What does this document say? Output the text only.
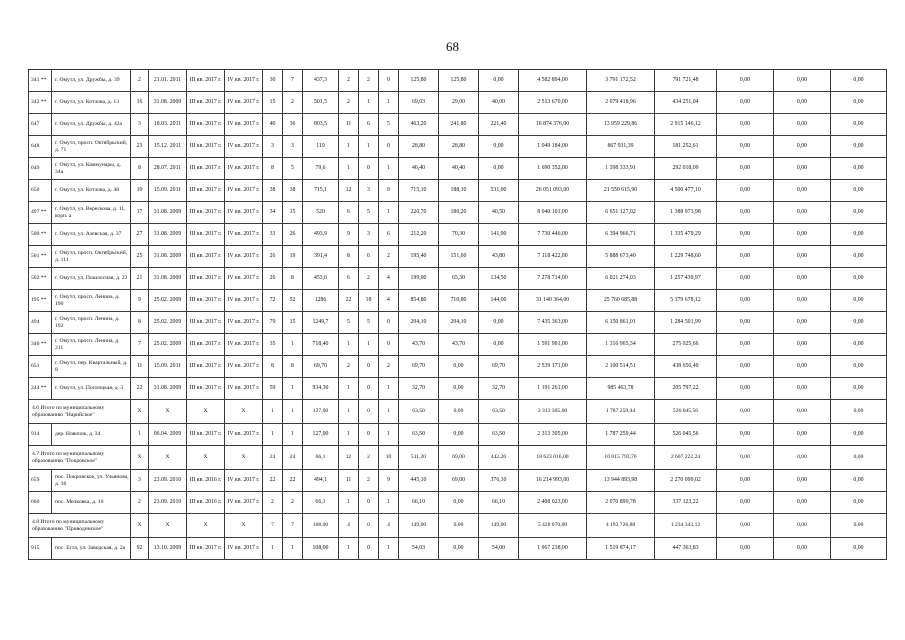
68
341 **	г. Омутл, ул. Дружбы, д. 39	2	21.01. 2011	III кв. 2017 г.	IV кв. 2017 г.	30	7	437,3	2	2	0	125,80	125,80	0,00	4 582 894,00	3 791 172,52	791 721,48	0,00	0,00	0,00
342 **	г. Омутл, ул. Котлова, д. 13	16	31.08. 2009	III кв. 2017 г.	IV кв. 2017 г.	15	2	501,5	2	1	1	69,03	29,00	40,00	2 513 670,00	2 079 418,96	434 251,04	0,00	0,00	0,00
647	г. Омутл, ул. Дружбы, д. 42а	3	18.03. 2011	III кв. 2017 г.	IV кв. 2017 г.	40	36	803,5	11	6	5	463,20	241,80	221,40	16 874 376,00	13 959 229,86	2 915 146,12	0,00	0,00	0,00
648	г. Омутл, просп. Октябрьский, д. 71	23	15.12. 2011	III кв. 2017 г.	IV кв. 2017 г.	3	3	119	1	1	0	28,80	28,80	0,00	1 049 184,00	867 931,39	181 252,61	0,00	0,00	0,00
649	г. Омутл, ул. Коммунары, д. 34а	8	28.07. 2011	III кв. 2017 г.	IV кв. 2017 г.	8	5	79,6	1	0	1	46,40	40,40	0,00	1 690 352,00	1 398 333,91	292 018,09	0,00	0,00	0,00
650	г. Омутл, ул. Котлова, д. 48	10	15.09. 2011	III кв. 2017 г.	IV кв. 2017 г.	38	38	715,1	12	3	9	715,10	188,10	531,00	26 051 093,00	21 550 615,90	4 500 477,10	0,00	0,00	0,00
497 **	г. Омутл, ул. Верескова, д. 11, корп. а	17	31.08. 2009	III кв. 2017 г.	IV кв. 2017 г.	34	15	520	6	5	1	220,70	180,20	40,50	8 040 101,00	6 651 127,02	1 388 973,98	0,00	0,00	0,00
500 **	г. Омутл, ул. Азевская, д. 37	27	31.08. 2009	III кв. 2017 г.	IV кв. 2017 г.	33	26	493,9	9	3	6	212,20	70,30	141,90	7 730 446,00	6 394 966,71	1 335 479,29	0,00	0,00	0,00
501 **	г. Омутл, просп. Октябрьский, д. 111	25	31.08. 2009	III кв. 2017 г.	IV кв. 2017 г.	26	19	391,4	8	6	2	195,40	151,60	43,80	7 118 422,00	5 888 673,40	1 229 748,60	0,00	0,00	0,00
502 **	г. Омутл, ул. Пошлосная, д. 23	21	31.08. 2009	III кв. 2017 г.	IV кв. 2017 г.	26	8	453,6	6	2	4	199,00	65,30	134,50	7 278 714,00	6 021 274,03	1 257 439,97	0,00	0,00	0,00
195 **	г. Омутл, просп. Ленина, д. 190	9	25.02. 2009	III кв. 2017 г.	IV кв. 2017 г.	72	52	1286	22	18	4	854,80	710,80	144,00	31 140 364,00	25 760 685,88	5 379 678,12	0,00	0,00	0,00
494	г. Омутл, просп. Ленина, д. 192	8	25.02. 2009	III кв. 2017 г.	IV кв. 2017 г.	79	15	1249,7	5	5	0	204,10	204,10	0,00	7 435 363,00	6 150 861,01	1 284 501,99	0,00	0,00	0,00
340 **	г. Омутл, просп. Ленина, д. 211	7	25.02. 2009	III кв. 2017 г.	IV кв. 2017 г.	35	1	718,40	1	1	0	43,70	43,70	0,00	1 591 991,00	1 316 965,34	275 025,66	0,00	0,00	0,00
651	г. Омутл, пер. Квартальный, д. 8	11	15.09. 2011	III кв. 2017 г.	IV кв. 2017 г.	8	8	69,70	2	0	2	69,70	0,00	69,70	2 539 171,00	2 100 514,51	438 656,49	0,00	0,00	0,00
244 **	г. Омутл, ул. Поплоцкая, д. 3	22	31.08. 2009	III кв. 2017 г.	IV кв. 2017 г.	59	1	934,30	1	0	1	32,70	0,00	32,70	1 191 261,00	985 463,78	205 797,22	0,00	0,00	0,00
4.6 Итого по муниципальному образованию "Нарийское"		X	X	X	X	1	1	127,00	1	0	1	63,50	0,00	63,50	2 313 305,00	1 787 259,44	526 045,56	0,00	0,00	0,00
914	дер. Новочок, д. 34	1	06.04. 2009	III кв. 2017 г.	IV кв. 2017 г.	1	1	127,00	1	0	1	63,50	0,00	63,50	2 313 305,00	1 787 259,44	526 045,56	0,00	0,00	0,00
4.7 Итого по муниципальному образованию "Покровское"		X	X	X	X	24	24	66,1	12	2	10	511,20	69,00	442,20	18 623 016,00	16 015 793,76	2 607 222,24	0,00	0,00	0,00
659	пос. Покровское, ул. Ульянова, д. 36	3	23.09. 2010	III кв. 2016 г.	IV кв. 2017 г.	22	22	494,1	11	2	9	445,10	69,00	376,10	16 214 993,00	13 944 893,98	2 270 099,02	0,00	0,00	0,00
660	пос. Мелковка, д. 10	2	23.09. 2010	III кв. 2016 г.	IV кв. 2017 г.	2	2	66,1	1	0	1	66,10	0,00	66,10	2 408 023,00	2 070 899,78	337 123,22	0,00	0,00	0,00
4.8 Итого по муниципальному образованию "Приводинское"		X	X	X	X	7	7	108,00	4	0	4	149,00	0,00	149,00	5 428 070,00	4 193 726,88	1 234 343,12	0,00	0,00	0,00
915	пос. Егта, ул. Заводская, д. 2а	92	13.10. 2009	III кв. 2017 г.	IV кв. 2017 г.	1	1	108,00	1	0	1	54,03	0,00	54,00	1 967 238,00	1 519 874,17	447 363,83	0,00	0,00	0,00
